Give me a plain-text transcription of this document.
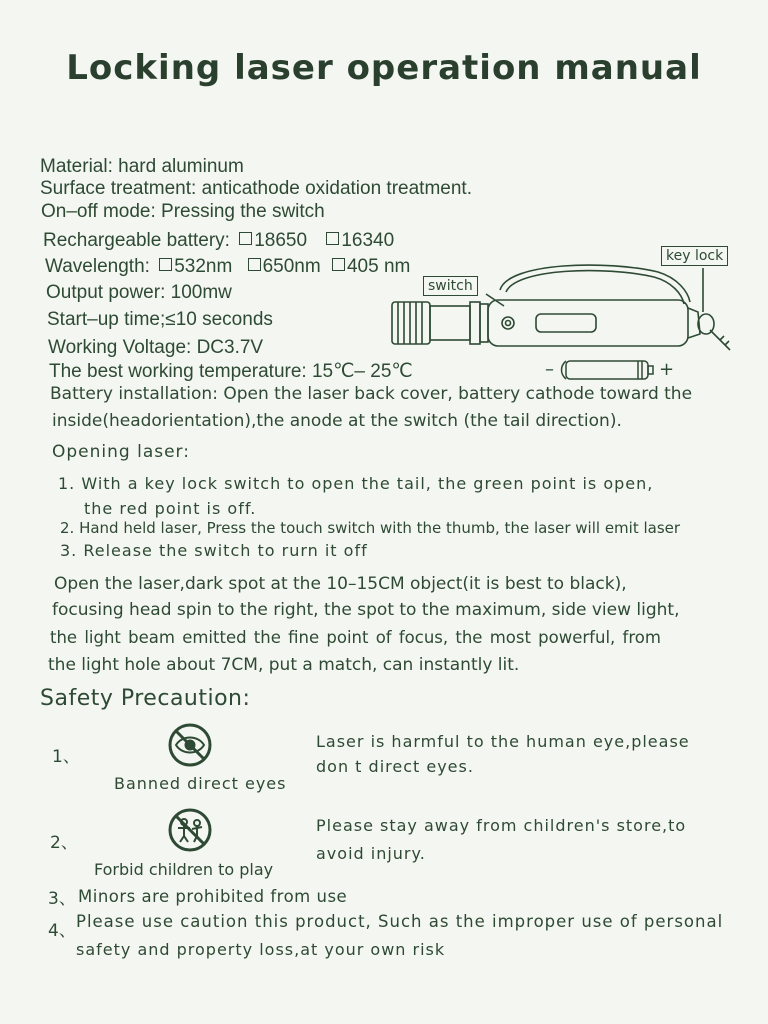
Locking laser operation manual
Material: hard aluminum
Surface treatment: anticathode oxidation treatment.
On–off mode: Pressing the switch
Rechargeable battery: 18650 16340
Wavelength: 532nm 650nm 405 nm
Output power: 100mw
Start–up time;≤10 seconds
Working Voltage: DC3.7V
The best working temperature: 15℃– 25℃
switch
key lock
–	+
Battery installation: Open the laser back cover, battery cathode toward the
inside(headorientation),the anode at the switch (the tail direction).
Opening laser:
1. With a key lock switch to open the tail, the green point is open,
the red point is off.
2. Hand held laser, Press the touch switch with the thumb, the laser will emit laser
3. Release the switch to rurn it off
Open the laser,dark spot at the 10–15CM object(it is best to black),
focusing head spin to the right, the spot to the maximum, side view light,
the light beam emitted the fine point of focus, the most powerful, from
the light hole about 7CM, put a match, can instantly lit.
Safety Precaution:
1、
Banned direct eyes
Laser is harmful to the human eye,please
don t direct eyes.
2、
Forbid children to play
Please stay away from children's store,to
avoid injury.
3、 Minors are prohibited from use
4、 Please use caution this product, Such as the improper use of personal
safety and property loss,at your own risk
